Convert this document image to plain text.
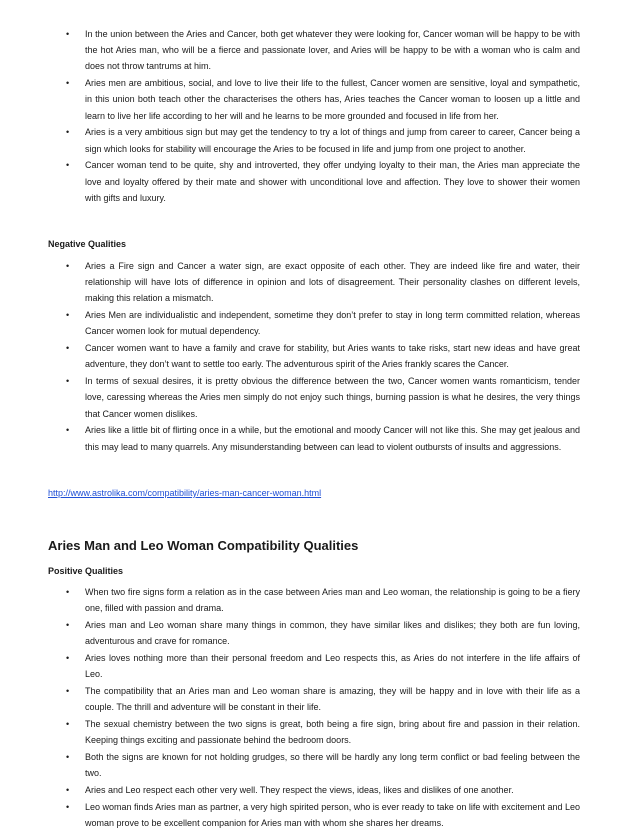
• In the union between the Aries and Cancer, both get whatever they were looking for, Cancer woman will be happy to be with the hot Aries man, who will be a fierce and passionate lover, and Aries will be happy to be with a woman who is calm and does not throw tantrums at him.
• Aries men are ambitious, social, and love to live their life to the fullest, Cancer women are sensitive, loyal and sympathetic, in this union both teach other the characterises the others has, Aries teaches the Cancer woman to loosen up a little and learn to live her life according to her will and he learns to be more grounded and focused in life from her.
• Aries is a very ambitious sign but may get the tendency to try a lot of things and jump from career to career, Cancer being a sign which looks for stability will encourage the Aries to be focused in life and jump from one project to another.
• Cancer woman tend to be quite, shy and introverted, they offer undying loyalty to their man, the Aries man appreciate the love and loyalty offered by their mate and shower with unconditional love and affection. They love to shower their women with gifts and luxury.
Negative Qualities
• Aries a Fire sign and Cancer a water sign, are exact opposite of each other. They are indeed like fire and water, their relationship will have lots of difference in opinion and lots of disagreement. Their personality clashes on different levels, making this relation a mismatch.
• Aries Men are individualistic and independent, sometime they don’t prefer to stay in long term committed relation, whereas Cancer women look for mutual dependency.
• Cancer women want to have a family and crave for stability, but Aries wants to take risks, start new ideas and have great adventure, they don’t want to settle too early. The adventurous spirit of the Aries frankly scares the Cancer.
• In terms of sexual desires, it is pretty obvious the difference between the two, Cancer women wants romanticism, tender love, caressing whereas the Aries men simply do not enjoy such things, burning passion is what he desires, the very things that Cancer women dislikes.
• Aries like a little bit of flirting once in a while, but the emotional and moody Cancer will not like this. She may get jealous and this may lead to many quarrels. Any misunderstanding between can lead to violent outbursts of insults and aggressions.
http://www.astrolika.com/compatibility/aries-man-cancer-woman.html
Aries Man and Leo Woman Compatibility Qualities
Positive Qualities
• When two fire signs form a relation as in the case between Aries man and Leo woman, the relationship is going to be a fiery one, filled with passion and drama.
• Aries man and Leo woman share many things in common, they have similar likes and dislikes; they both are fun loving, adventurous and crave for romance.
• Aries loves nothing more than their personal freedom and Leo respects this, as Aries do not interfere in the life affairs of Leo.
• The compatibility that an Aries man and Leo woman share is amazing, they will be happy and in love with their life as a couple. The thrill and adventure will be constant in their life.
• The sexual chemistry between the two signs is great, both being a fire sign, bring about fire and passion in their relation. Keeping things exciting and passionate behind the bedroom doors.
• Both the signs are known for not holding grudges, so there will be hardly any long term conflict or bad feeling between the two.
• Aries and Leo respect each other very well. They respect the views, ideas, likes and dislikes of one another.
• Leo woman finds Aries man as partner, a very high spirited person, who is ever ready to take on life with excitement and Leo woman prove to be excellent companion for Aries man with whom she shares her dreams.
